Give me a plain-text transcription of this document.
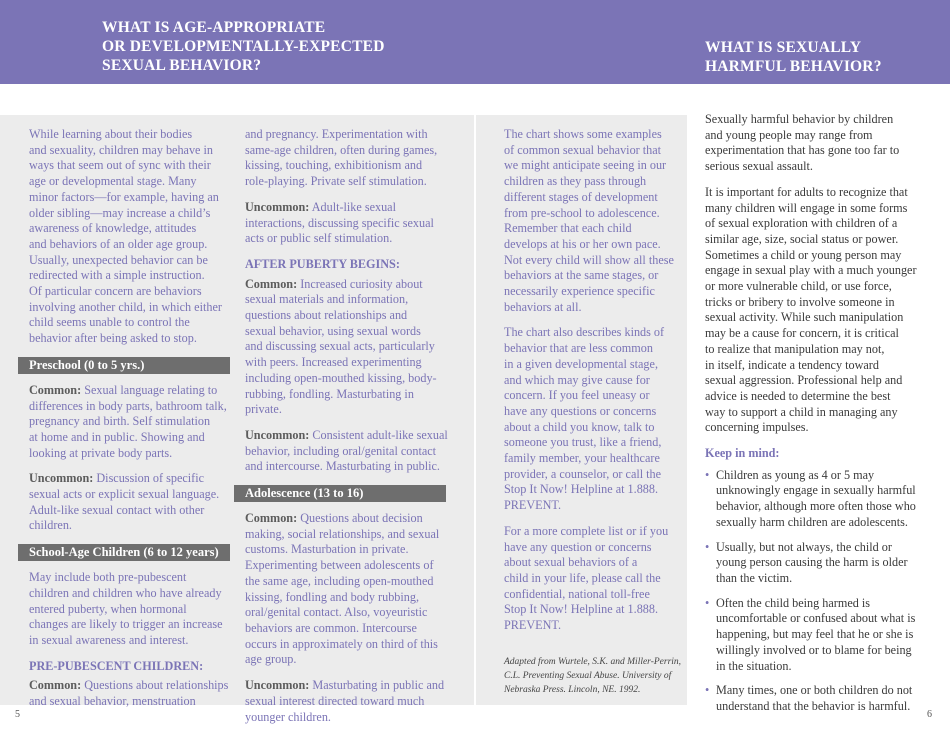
WHAT IS AGE-APPROPRIATE
OR DEVELOPMENTALLY-EXPECTED
SEXUAL BEHAVIOR?
WHAT IS SEXUALLY
HARMFUL BEHAVIOR?

While learning about their bodies
and sexuality, children may behave in
ways that seem out of sync with their
age or developmental stage. Many
minor factors—for example, having an
older sibling—may increase a child’s
awareness of knowledge, attitudes
and behaviors of an older age group.
Usually, unexpected behavior can be
redirected with a simple instruction.
Of particular concern are behaviors
involving another child, in which either
child seems unable to control the
behavior after being asked to stop.

Preschool (0 to 5 yrs.)

Common: Sexual language relating to
differences in body parts, bathroom talk,
pregnancy and birth. Self stimulation
at home and in public. Showing and
looking at private body parts.

Uncommon: Discussion of specific
sexual acts or explicit sexual language.
Adult-like sexual contact with other
children.

School-Age Children (6 to 12 years)

May include both pre-pubescent
children and children who have already
entered puberty, when hormonal
changes are likely to trigger an increase
in sexual awareness and interest.

PRE-PUBESCENT CHILDREN:

Common: Questions about relationships
and sexual behavior, menstruation

and pregnancy. Experimentation with
same-age children, often during games,
kissing, touching, exhibitionism and
role-playing. Private self stimulation.

Uncommon: Adult-like sexual
interactions, discussing specific sexual
acts or public self stimulation.

AFTER PUBERTY BEGINS:

Common: Increased curiosity about
sexual materials and information,
questions about relationships and
sexual behavior, using sexual words
and discussing sexual acts, particularly
with peers. Increased experimenting
including open-mouthed kissing, body-
rubbing, fondling. Masturbating in
private.

Uncommon: Consistent adult-like sexual
behavior, including oral/genital contact
and intercourse. Masturbating in public.

Adolescence (13 to 16)

Common: Questions about decision
making, social relationships, and sexual
customs. Masturbation in private.
Experimenting between adolescents of
the same age, including open-mouthed
kissing, fondling and body rubbing,
oral/genital contact. Also, voyeuristic
behaviors are common. Intercourse
occurs in approximately on third of this
age group.

Uncommon: Masturbating in public and
sexual interest directed toward much
younger children.

The chart shows some examples
of common sexual behavior that
we might anticipate seeing in our
children as they pass through
different stages of development
from pre-school to adolescence.
Remember that each child
develops at his or her own pace.
Not every child will show all these
behaviors at the same stages, or
necessarily experience specific
behaviors at all.

The chart also describes kinds of
behavior that are less common
in a given developmental stage,
and which may give cause for
concern. If you feel uneasy or
have any questions or concerns
about a child you know, talk to
someone you trust, like a friend,
family member, your healthcare
provider, a counselor, or call the
Stop It Now! Helpline at 1.888.
PREVENT.

For a more complete list or if you
have any question or concerns
about sexual behaviors of a
child in your life, please call the
confidential, national toll-free
Stop It Now! Helpline at 1.888.
PREVENT.

Adapted from Wurtele, S.K. and Miller-Perrin,
C.L. Preventing Sexual Abuse. University of
Nebraska Press. Lincoln, NE. 1992.

Sexually harmful behavior by children
and young people may range from
experimentation that has gone too far to
serious sexual assault.

It is important for adults to recognize that
many children will engage in some forms
of sexual exploration with children of a
similar age, size, social status or power.
Sometimes a child or young person may
engage in sexual play with a much younger
or more vulnerable child, or use force,
tricks or bribery to involve someone in
sexual activity. While such manipulation
may be a cause for concern, it is critical
to realize that manipulation may not,
in itself, indicate a tendency toward
sexual aggression. Professional help and
advice is needed to determine the best
way to support a child in managing any
concerning impulses.

Keep in mind:
• Children as young as 4 or 5 may
unknowingly engage in sexually harmful
behavior, although more often those who
sexually harm children are adolescents.
• Usually, but not always, the child or
young person causing the harm is older
than the victim.
• Often the child being harmed is
uncomfortable or confused about what is
happening, but may feel that he or she is
willingly involved or to blame for being
in the situation.
• Many times, one or both children do not
understand that the behavior is harmful.
5	6
